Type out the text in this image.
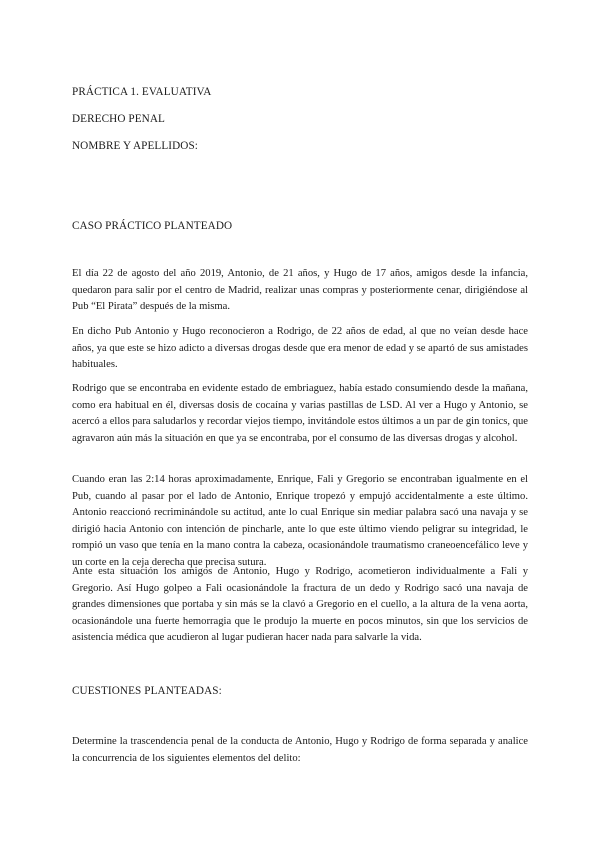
PRÁCTICA 1. EVALUATIVA
DERECHO PENAL
NOMBRE Y APELLIDOS:
CASO PRÁCTICO PLANTEADO

El día 22 de agosto del año 2019, Antonio, de 21 años, y Hugo de 17 años, amigos desde la infancia, quedaron para salir por el centro de Madrid, realizar unas compras y posteriormente cenar, dirigiéndose al Pub “El Pirata” después de la misma.

En dicho Pub Antonio y Hugo reconocieron a Rodrigo, de 22 años de edad, al que no veían desde hace años, ya que este se hizo adicto a diversas drogas desde que era menor de edad y se apartó de sus amistades habituales.

Rodrigo que se encontraba en evidente estado de embriaguez, había estado consumiendo desde la mañana, como era habitual en él, diversas dosis de cocaína y varias pastillas de LSD. Al ver a Hugo y Antonio, se acercó a ellos para saludarlos y recordar viejos tiempo, invitándole estos últimos a un par de gin tonics, que agravaron aún más la situación en que ya se encontraba, por el consumo de las diversas drogas y alcohol.

Cuando eran las 2:14 horas aproximadamente, Enrique, Fali y Gregorio se encontraban igualmente en el Pub, cuando al pasar por el lado de Antonio, Enrique tropezó y empujó accidentalmente a este último. Antonio reaccionó recriminándole su actitud, ante lo cual Enrique sin mediar palabra sacó una navaja y se dirigió hacia Antonio con intención de pincharle, ante lo que este último viendo peligrar su integridad, le rompió un vaso que tenía en la mano contra la cabeza, ocasionándole traumatismo craneoencefálico leve y un corte en la ceja derecha que precisa sutura.

Ante esta situación los amigos de Antonio, Hugo y Rodrigo, acometieron individualmente a Fali y Gregorio. Así Hugo golpeo a Fali ocasionándole la fractura de un dedo y Rodrigo sacó una navaja de grandes dimensiones que portaba y sin más se la clavó a Gregorio en el cuello, a la altura de la vena aorta, ocasionándole una fuerte hemorragia que le produjo la muerte en pocos minutos, sin que los servicios de asistencia médica que acudieron al lugar pudieran hacer nada para salvarle la vida.

CUESTIONES PLANTEADAS:

Determine la trascendencia penal de la conducta de Antonio, Hugo y Rodrigo de forma separada y analice la concurrencia de los siguientes elementos del delito:
